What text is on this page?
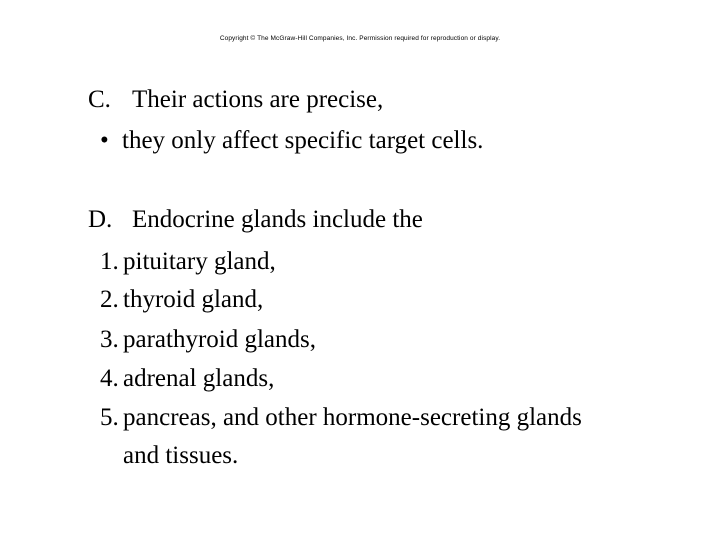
Copyright © The McGraw-Hill Companies, Inc. Permission required for reproduction or display.
C. Their actions are precise,
• they only affect specific target cells.
D. Endocrine glands include the
1. pituitary gland,
2. thyroid gland,
3. parathyroid glands,
4. adrenal glands,
5. pancreas, and other hormone-secreting glands
and tissues.
